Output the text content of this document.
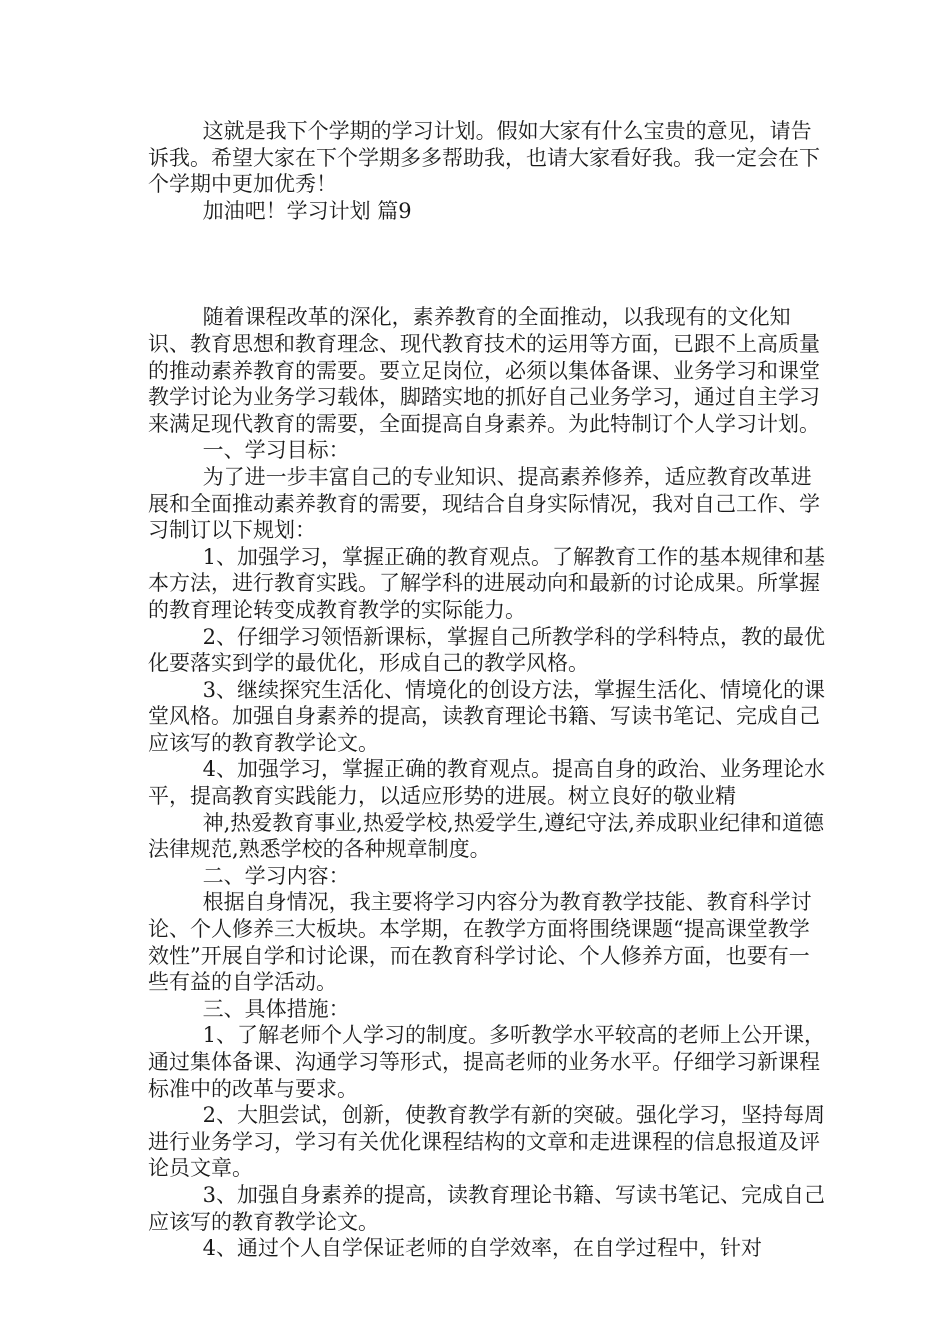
这就是我下个学期的学习计划。假如大家有什么宝贵的意见，请告诉我。希望大家在下个学期多多帮助我，也请大家看好我。我一定会在下个学期中更加优秀！

加油吧！学习计划 篇9

随着课程改革的深化，素养教育的全面推动，以我现有的文化知识、教育思想和教育理念、现代教育技术的运用等方面，已跟不上高质量的推动素养教育的需要。要立足岗位，必须以集体备课、业务学习和课堂教学讨论为业务学习载体，脚踏实地的抓好自己业务学习，通过自主学习来满足现代教育的需要，全面提高自身素养。为此特制订个人学习计划。

一、学习目标：

为了进一步丰富自己的专业知识、提高素养修养，适应教育改革进展和全面推动素养教育的需要，现结合自身实际情况，我对自己工作、学习制订以下规划：

1、加强学习，掌握正确的教育观点。了解教育工作的基本规律和基本方法，进行教育实践。了解学科的进展动向和最新的讨论成果。所掌握的教育理论转变成教育教学的实际能力。

2、仔细学习领悟新课标，掌握自己所教学科的学科特点，教的最优化要落实到学的最优化，形成自己的教学风格。

3、继续探究生活化、情境化的创设方法，掌握生活化、情境化的课堂风格。加强自身素养的提高，读教育理论书籍、写读书笔记、完成自己应该写的教育教学论文。

4、加强学习，掌握正确的教育观点。提高自身的政治、业务理论水平，提高教育实践能力，以适应形势的进展。树立良好的敬业精

神,热爱教育事业,热爱学校,热爱学生,遵纪守法,养成职业纪律和道德法律规范,熟悉学校的各种规章制度。

二、学习内容：

根据自身情况，我主要将学习内容分为教育教学技能、教育科学讨论、个人修养三大板块。本学期，在教学方面将围绕课题“提高课堂教学效性”开展自学和讨论课，而在教育科学讨论、个人修养方面，也要有一些有益的自学活动。

三、具体措施：

1、了解老师个人学习的制度。多听教学水平较高的老师上公开课，通过集体备课、沟通学习等形式，提高老师的业务水平。仔细学习新课程标准中的改革与要求。

2、大胆尝试，创新，使教育教学有新的突破。强化学习，坚持每周进行业务学习，学习有关优化课程结构的文章和走进课程的信息报道及评论员文章。

3、加强自身素养的提高，读教育理论书籍、写读书笔记、完成自己应该写的教育教学论文。

4、通过个人自学保证老师的自学效率，在自学过程中，针对
